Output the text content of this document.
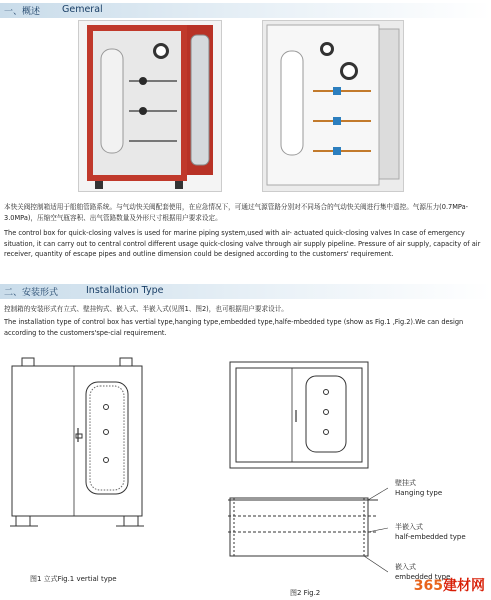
一、概述 Gemeral

本快关阀控制箱适用于船舶管路系统。与气动快关阀配套使用，在应急情况下，可通过气源管路分别对不同场合的气动快关阀进行集中遥控。气源压力(0.7MPa-3.0MPa)，压缩空气瓶容积、出气管路数量及外形尺寸根据用户要求设定。

The control box for quick-closing valves is used for marine piping system,used with air- actuated quick-closing valves In case of emergency situation, it can carry out to central control different usage quick-closing valve through air supply pipeline. Pressure of air supply, capacity of air receiver, quantity of escape pipes and outline dimension could be designed according to the customers' requirement.

二、安装形式	Installation Type

控制箱的安装形式有立式、壁挂钩式、嵌入式、半嵌入式(见图1、图2)，也可根据用户要求设计。

The installation type of control box has vertial type,hanging type,embedded type,halfe-mbedded type (show as Fig.1 ,Fig.2).We can design according to the customers'spe-cial requirement.

壁挂式
Hanging type
半嵌入式
half-embedded type
嵌入式
embedded type
图1 立式Fig.1 vertial type
图2 Fig.2	365建材网
